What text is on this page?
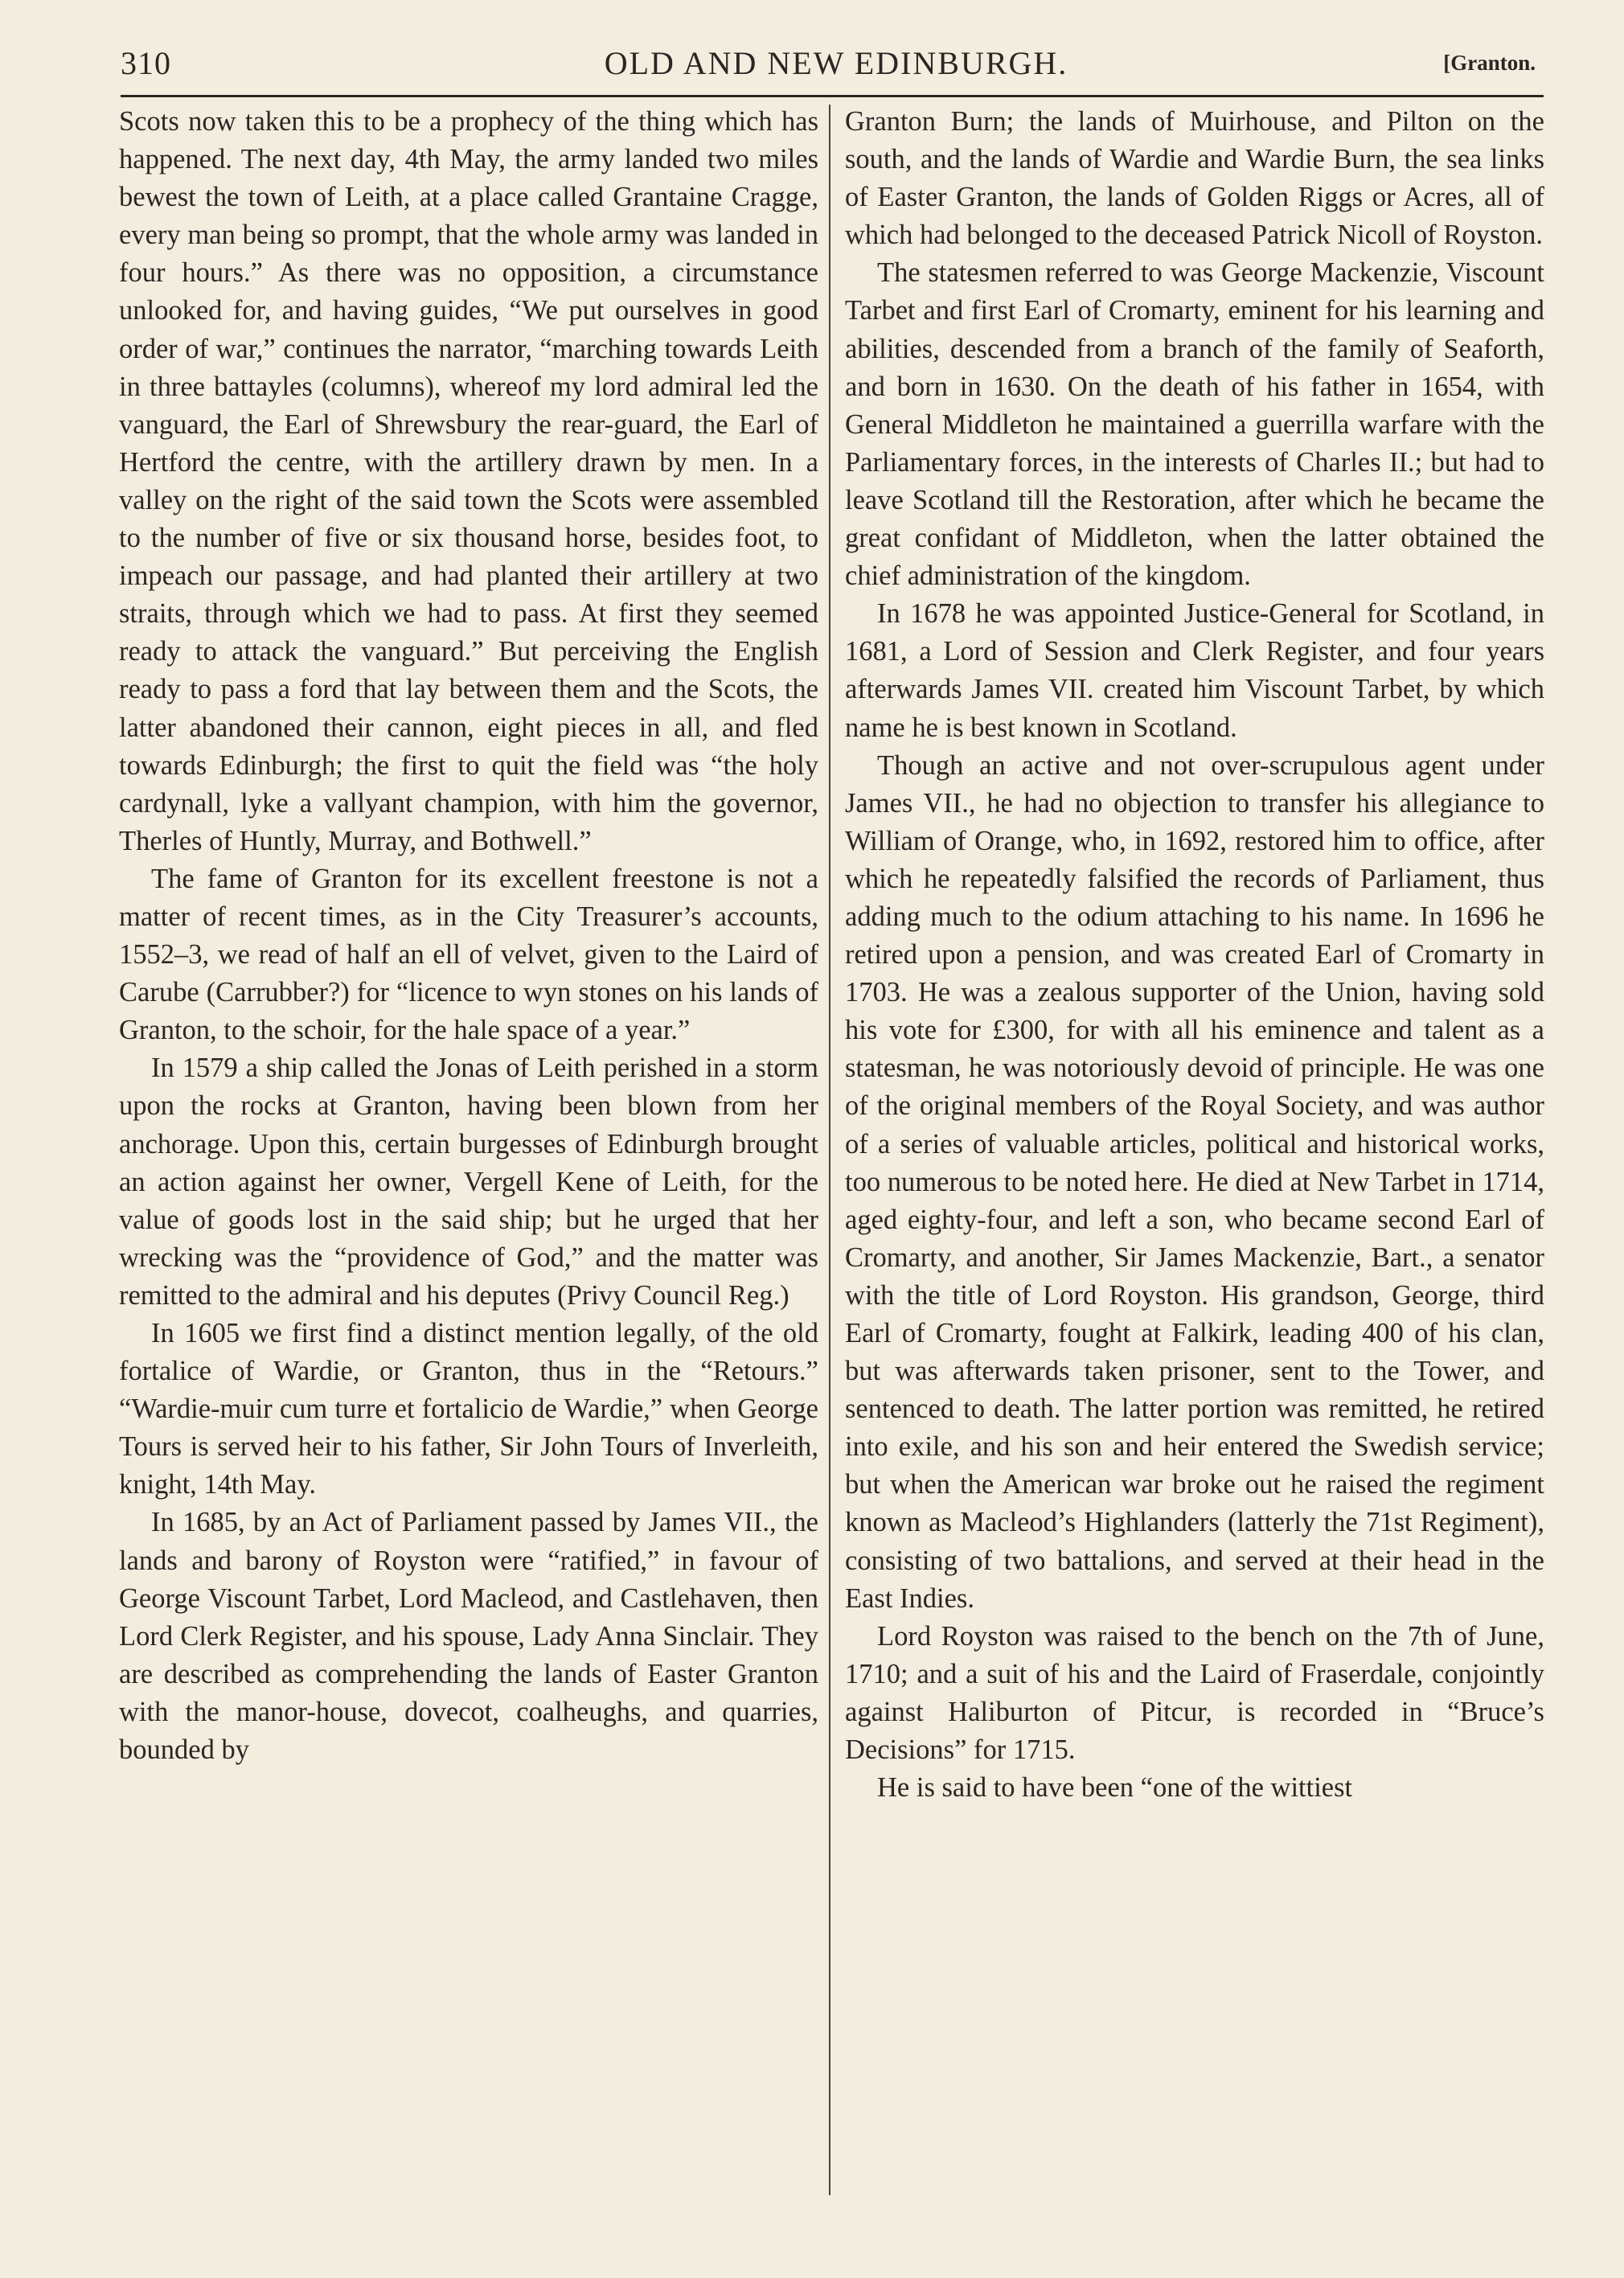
310	OLD AND NEW EDINBURGH.	[Granton.

Scots now taken this to be a prophecy of the thing which has happened. The next day, 4th May, the army landed two miles bewest the town of Leith, at a place called Grantaine Cragge, every man being so prompt, that the whole army was landed in four hours.” As there was no opposition, a circumstance unlooked for, and having guides, “We put ourselves in good order of war,” continues the narrator, “marching towards Leith in three battayles (columns), whereof my lord admiral led the vanguard, the Earl of Shrewsbury the rear-guard, the Earl of Hertford the centre, with the artillery drawn by men. In a valley on the right of the said town the Scots were assembled to the number of five or six thousand horse, besides foot, to impeach our passage, and had planted their artillery at two straits, through which we had to pass. At first they seemed ready to attack the vanguard.” But perceiving the English ready to pass a ford that lay between them and the Scots, the latter abandoned their cannon, eight pieces in all, and fled towards Edinburgh; the first to quit the field was “the holy cardynall, lyke a vallyant champion, with him the governor, Therles of Huntly, Murray, and Bothwell.”

The fame of Granton for its excellent freestone is not a matter of recent times, as in the City Treasurer’s accounts, 1552–3, we read of half an ell of velvet, given to the Laird of Carube (Carrubber?) for “licence to wyn stones on his lands of Granton, to the schoir, for the hale space of a year.”

In 1579 a ship called the Jonas of Leith perished in a storm upon the rocks at Granton, having been blown from her anchorage. Upon this, certain burgesses of Edinburgh brought an action against her owner, Vergell Kene of Leith, for the value of goods lost in the said ship; but he urged that her wrecking was the “providence of God,” and the matter was remitted to the admiral and his deputes (Privy Council Reg.)

In 1605 we first find a distinct mention legally, of the old fortalice of Wardie, or Granton, thus in the “Retours.” “Wardie-muir cum turre et fortalicio de Wardie,” when George Tours is served heir to his father, Sir John Tours of Inverleith, knight, 14th May.

In 1685, by an Act of Parliament passed by James VII., the lands and barony of Royston were “ratified,” in favour of George Viscount Tarbet, Lord Macleod, and Castlehaven, then Lord Clerk Register, and his spouse, Lady Anna Sinclair. They are described as comprehending the lands of Easter Granton with the manor-house, dovecot, coalheughs, and quarries, bounded by

Granton Burn; the lands of Muirhouse, and Pilton on the south, and the lands of Wardie and Wardie Burn, the sea links of Easter Granton, the lands of Golden Riggs or Acres, all of which had belonged to the deceased Patrick Nicoll of Royston.

The statesmen referred to was George Mackenzie, Viscount Tarbet and first Earl of Cromarty, eminent for his learning and abilities, descended from a branch of the family of Seaforth, and born in 1630. On the death of his father in 1654, with General Middleton he maintained a guerrilla warfare with the Parliamentary forces, in the interests of Charles II.; but had to leave Scotland till the Restoration, after which he became the great confidant of Middleton, when the latter obtained the chief administration of the kingdom.

In 1678 he was appointed Justice-General for Scotland, in 1681, a Lord of Session and Clerk Register, and four years afterwards James VII. created him Viscount Tarbet, by which name he is best known in Scotland.

Though an active and not over-scrupulous agent under James VII., he had no objection to transfer his allegiance to William of Orange, who, in 1692, restored him to office, after which he repeatedly falsified the records of Parliament, thus adding much to the odium attaching to his name. In 1696 he retired upon a pension, and was created Earl of Cromarty in 1703. He was a zealous supporter of the Union, having sold his vote for £300, for with all his eminence and talent as a statesman, he was notoriously devoid of principle. He was one of the original members of the Royal Society, and was author of a series of valuable articles, political and historical works, too numerous to be noted here. He died at New Tarbet in 1714, aged eighty-four, and left a son, who became second Earl of Cromarty, and another, Sir James Mackenzie, Bart., a senator with the title of Lord Royston. His grandson, George, third Earl of Cromarty, fought at Falkirk, leading 400 of his clan, but was afterwards taken prisoner, sent to the Tower, and sentenced to death. The latter portion was remitted, he retired into exile, and his son and heir entered the Swedish service; but when the American war broke out he raised the regiment known as Macleod’s Highlanders (latterly the 71st Regiment), consisting of two battalions, and served at their head in the East Indies.

Lord Royston was raised to the bench on the 7th of June, 1710; and a suit of his and the Laird of Fraserdale, conjointly against Haliburton of Pitcur, is recorded in “Bruce’s Decisions” for 1715.

He is said to have been “one of the wittiest
